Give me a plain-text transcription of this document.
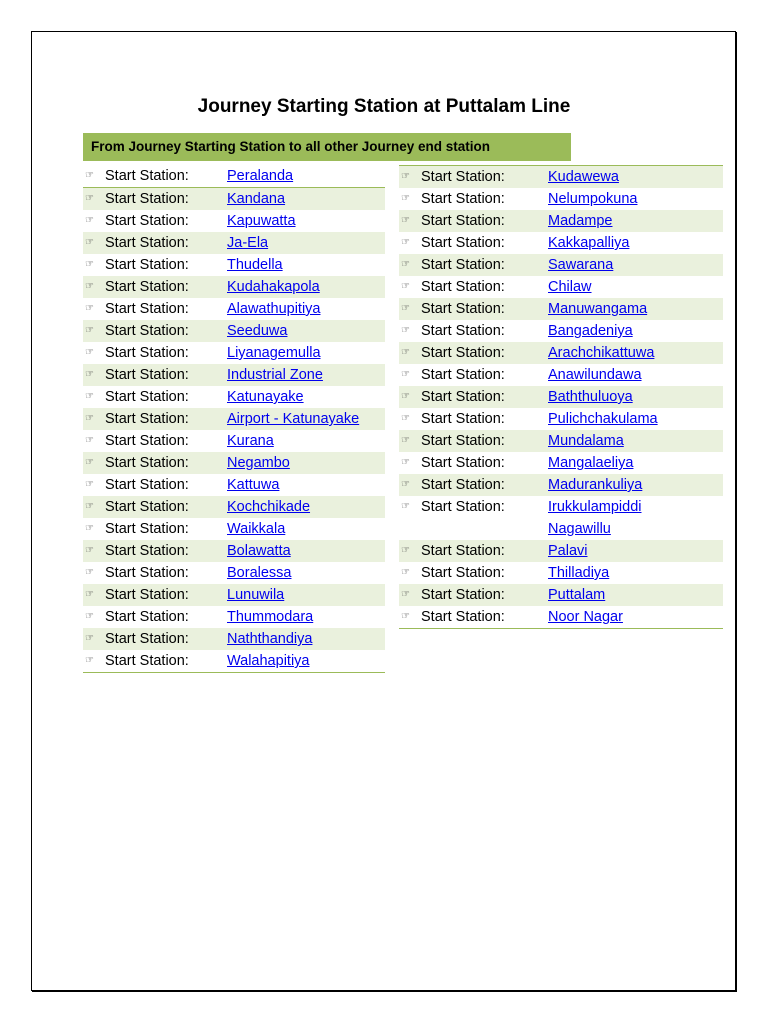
Journey Starting Station at Puttalam Line
From Journey Starting Station to all other Journey end station
☞ Start Station:	Peralanda
☞ Start Station:	Kandana
☞ Start Station:	Kapuwatta
☞ Start Station:	Ja-Ela
☞ Start Station:	Thudella
☞ Start Station:	Kudahakapola
☞ Start Station:	Alawathupitiya
☞ Start Station:	Seeduwa
☞ Start Station:	Liyanagemulla
☞ Start Station:	Industrial Zone
☞ Start Station:	Katunayake
☞ Start Station:	Airport - Katunayake
☞ Start Station:	Kurana
☞ Start Station:	Negambo
☞ Start Station:	Kattuwa
☞ Start Station:	Kochchikade
☞ Start Station:	Waikkala
☞ Start Station:	Bolawatta
☞ Start Station:	Boralessa
☞ Start Station:	Lunuwila
☞ Start Station:	Thummodara
☞ Start Station:	Naththandiya
☞ Start Station:	Walahapitiya
☞ Start Station:	Kudawewa
☞ Start Station:	Nelumpokuna
☞ Start Station:	Madampe
☞ Start Station:	Kakkapalliya
☞ Start Station:	Sawarana
☞ Start Station:	Chilaw
☞ Start Station:	Manuwangama
☞ Start Station:	Bangadeniya
☞ Start Station:	Arachchikattuwa
☞ Start Station:	Anawilundawa
☞ Start Station:	Baththuluoya
☞ Start Station:	Pulichchakulama
☞ Start Station:	Mundalama
☞ Start Station:	Mangalaeliya
☞ Start Station:	Madurankuliya
☞ Start Station:	Irukkulampiddi
Nagawillu
☞ Start Station:	Palavi
☞ Start Station:	Thilladiya
☞ Start Station:	Puttalam
☞ Start Station:	Noor Nagar
